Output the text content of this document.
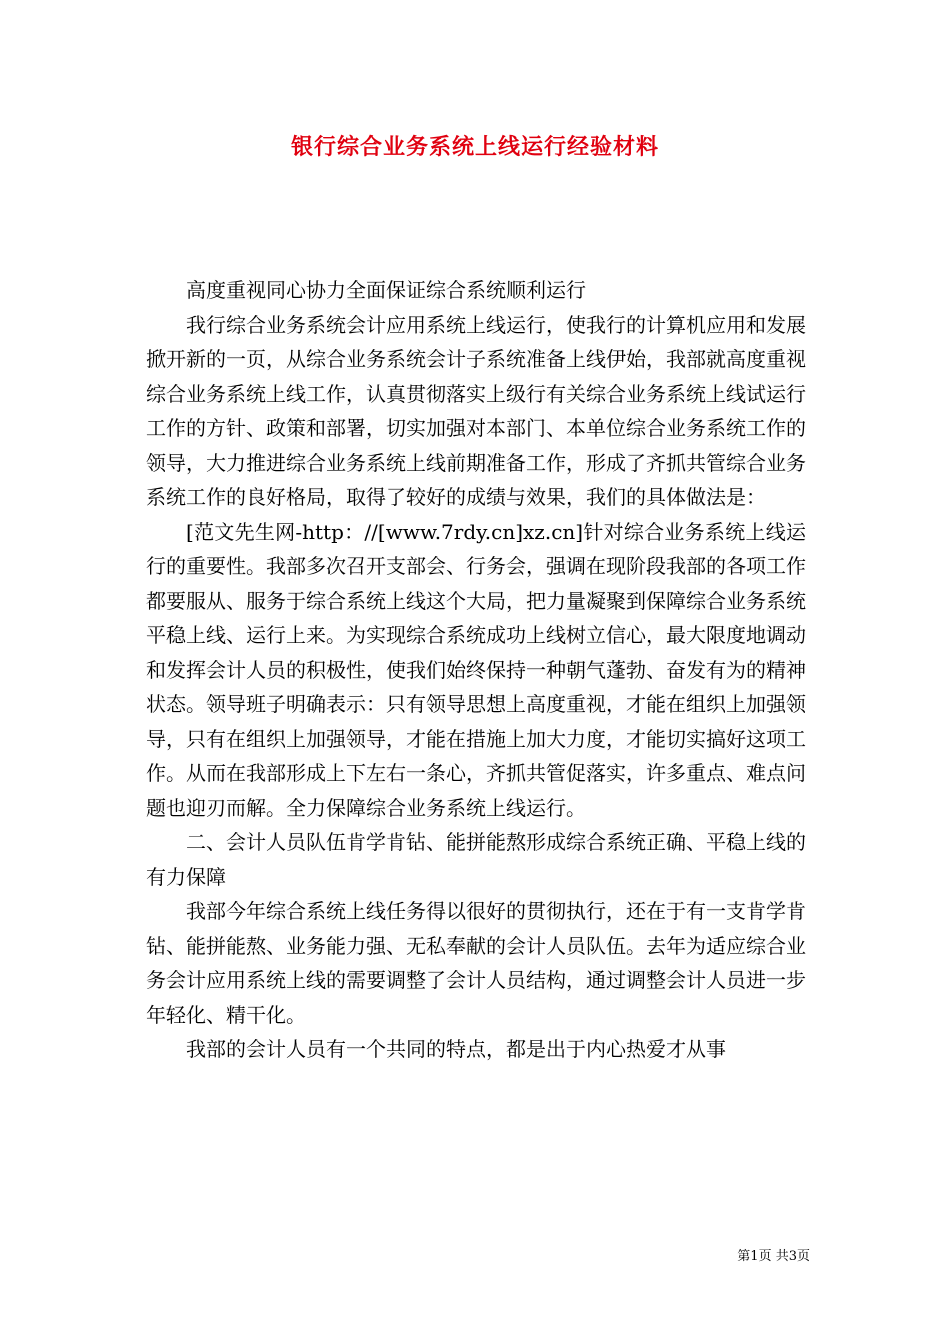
银行综合业务系统上线运行经验材料

高度重视同心协力全面保证综合系统顺利运行

我行综合业务系统会计应用系统上线运行，使我行的计算机应用和发展掀开新的一页，从综合业务系统会计子系统准备上线伊始，我部就高度重视综合业务系统上线工作，认真贯彻落实上级行有关综合业务系统上线试运行工作的方针、政策和部署，切实加强对本部门、本单位综合业务系统工作的领导，大力推进综合业务系统上线前期准备工作，形成了齐抓共管综合业务系统工作的良好格局，取得了较好的成绩与效果，我们的具体做法是：

[范文先生网-http：//[www.7rdy.cn]xz.cn]针对综合业务系统上线运行的重要性。我部多次召开支部会、行务会，强调在现阶段我部的各项工作都要服从、服务于综合系统上线这个大局，把力量凝聚到保障综合业务系统平稳上线、运行上来。为实现综合系统成功上线树立信心，最大限度地调动和发挥会计人员的积极性，使我们始终保持一种朝气蓬勃、奋发有为的精神状态。领导班子明确表示：只有领导思想上高度重视，才能在组织上加强领导，只有在组织上加强领导，才能在措施上加大力度，才能切实搞好这项工作。从而在我部形成上下左右一条心，齐抓共管促落实，许多重点、难点问题也迎刃而解。全力保障综合业务系统上线运行。

二、会计人员队伍肯学肯钻、能拼能熬形成综合系统正确、平稳上线的有力保障

我部今年综合系统上线任务得以很好的贯彻执行，还在于有一支肯学肯钻、能拼能熬、业务能力强、无私奉献的会计人员队伍。去年为适应综合业务会计应用系统上线的需要调整了会计人员结构，通过调整会计人员进一步年轻化、精干化。

我部的会计人员有一个共同的特点，都是出于内心热爱才从事

第1页 共3页
